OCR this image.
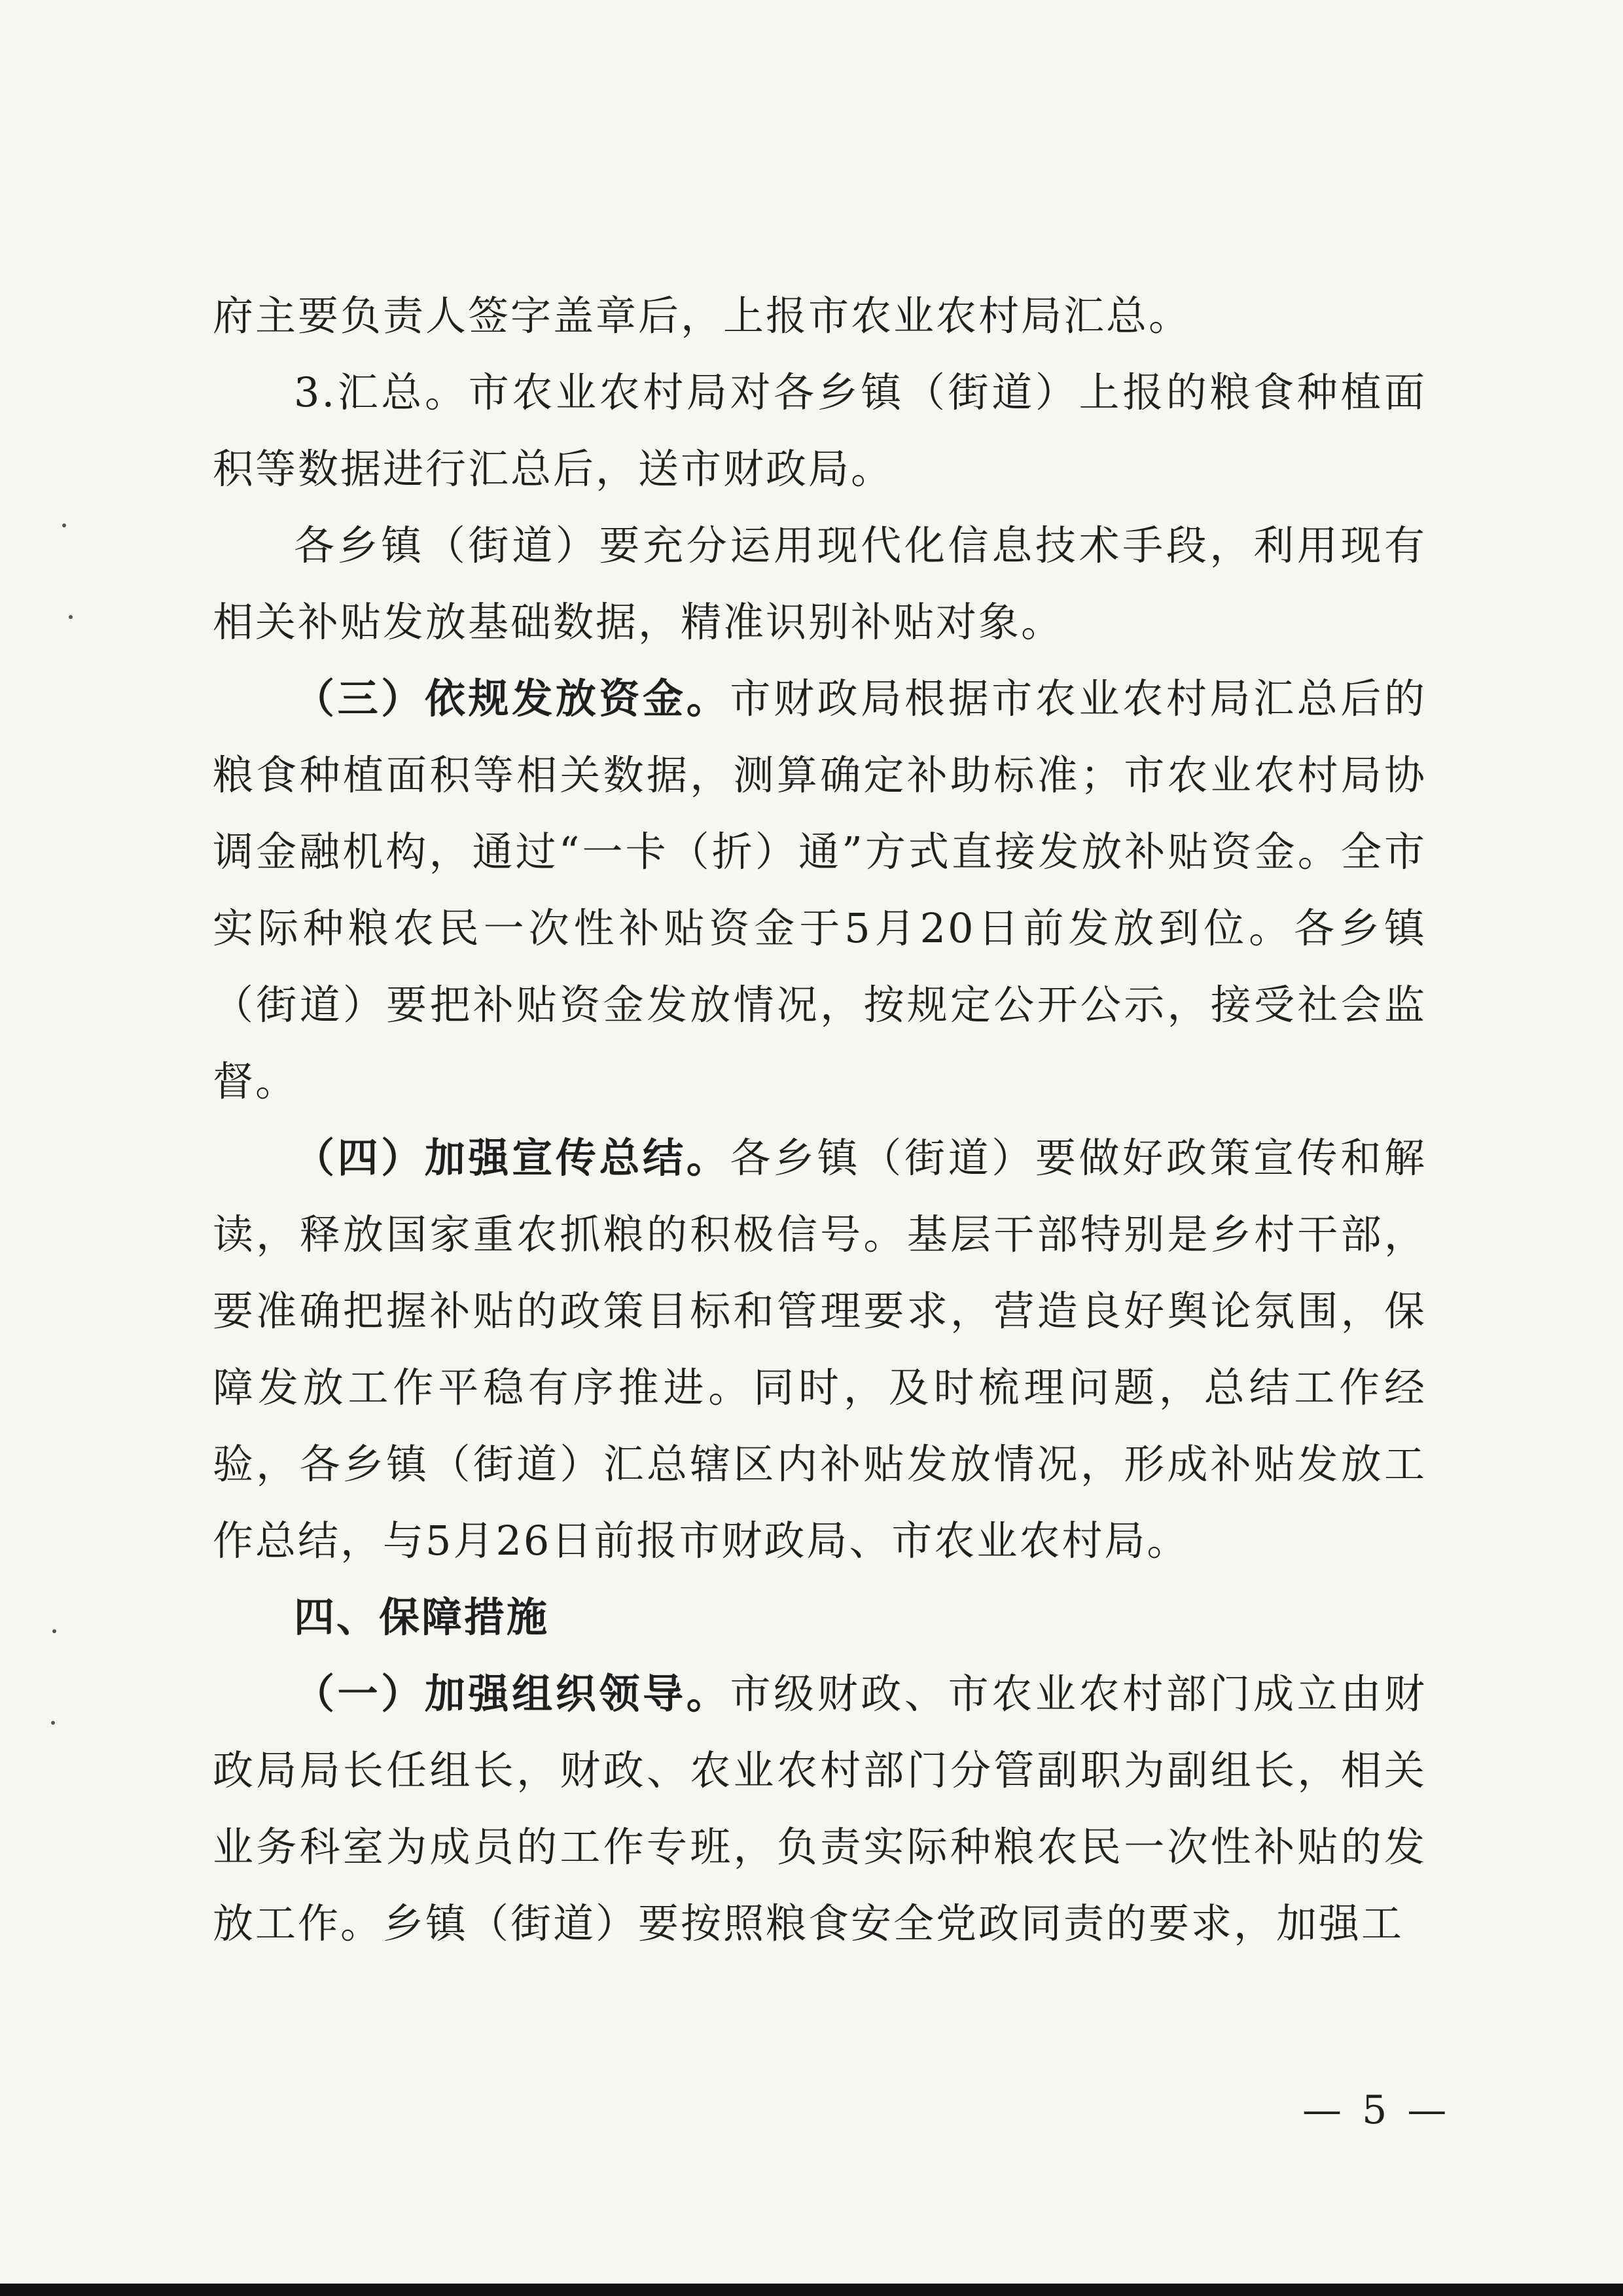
府主要负责人签字盖章后，上报市农业农村局汇总。

3.汇总。市农业农村局对各乡镇（街道）上报的粮食种植面积等数据进行汇总后，送市财政局。

各乡镇（街道）要充分运用现代化信息技术手段，利用现有相关补贴发放基础数据，精准识别补贴对象。

（三）依规发放资金。市财政局根据市农业农村局汇总后的粮食种植面积等相关数据，测算确定补助标准；市农业农村局协调金融机构，通过“一卡（折）通”方式直接发放补贴资金。全市实际种粮农民一次性补贴资金于5月20日前发放到位。各乡镇（街道）要把补贴资金发放情况，按规定公开公示，接受社会监督。

（四）加强宣传总结。各乡镇（街道）要做好政策宣传和解读，释放国家重农抓粮的积极信号。基层干部特别是乡村干部，要准确把握补贴的政策目标和管理要求，营造良好舆论氛围，保障发放工作平稳有序推进。同时，及时梳理问题，总结工作经验，各乡镇（街道）汇总辖区内补贴发放情况，形成补贴发放工作总结，与5月26日前报市财政局、市农业农村局。

四、保障措施

（一）加强组织领导。市级财政、市农业农村部门成立由财政局局长任组长，财政、农业农村部门分管副职为副组长，相关业务科室为成员的工作专班，负责实际种粮农民一次性补贴的发放工作。乡镇（街道）要按照粮食安全党政同责的要求，加强工

— 5 —
